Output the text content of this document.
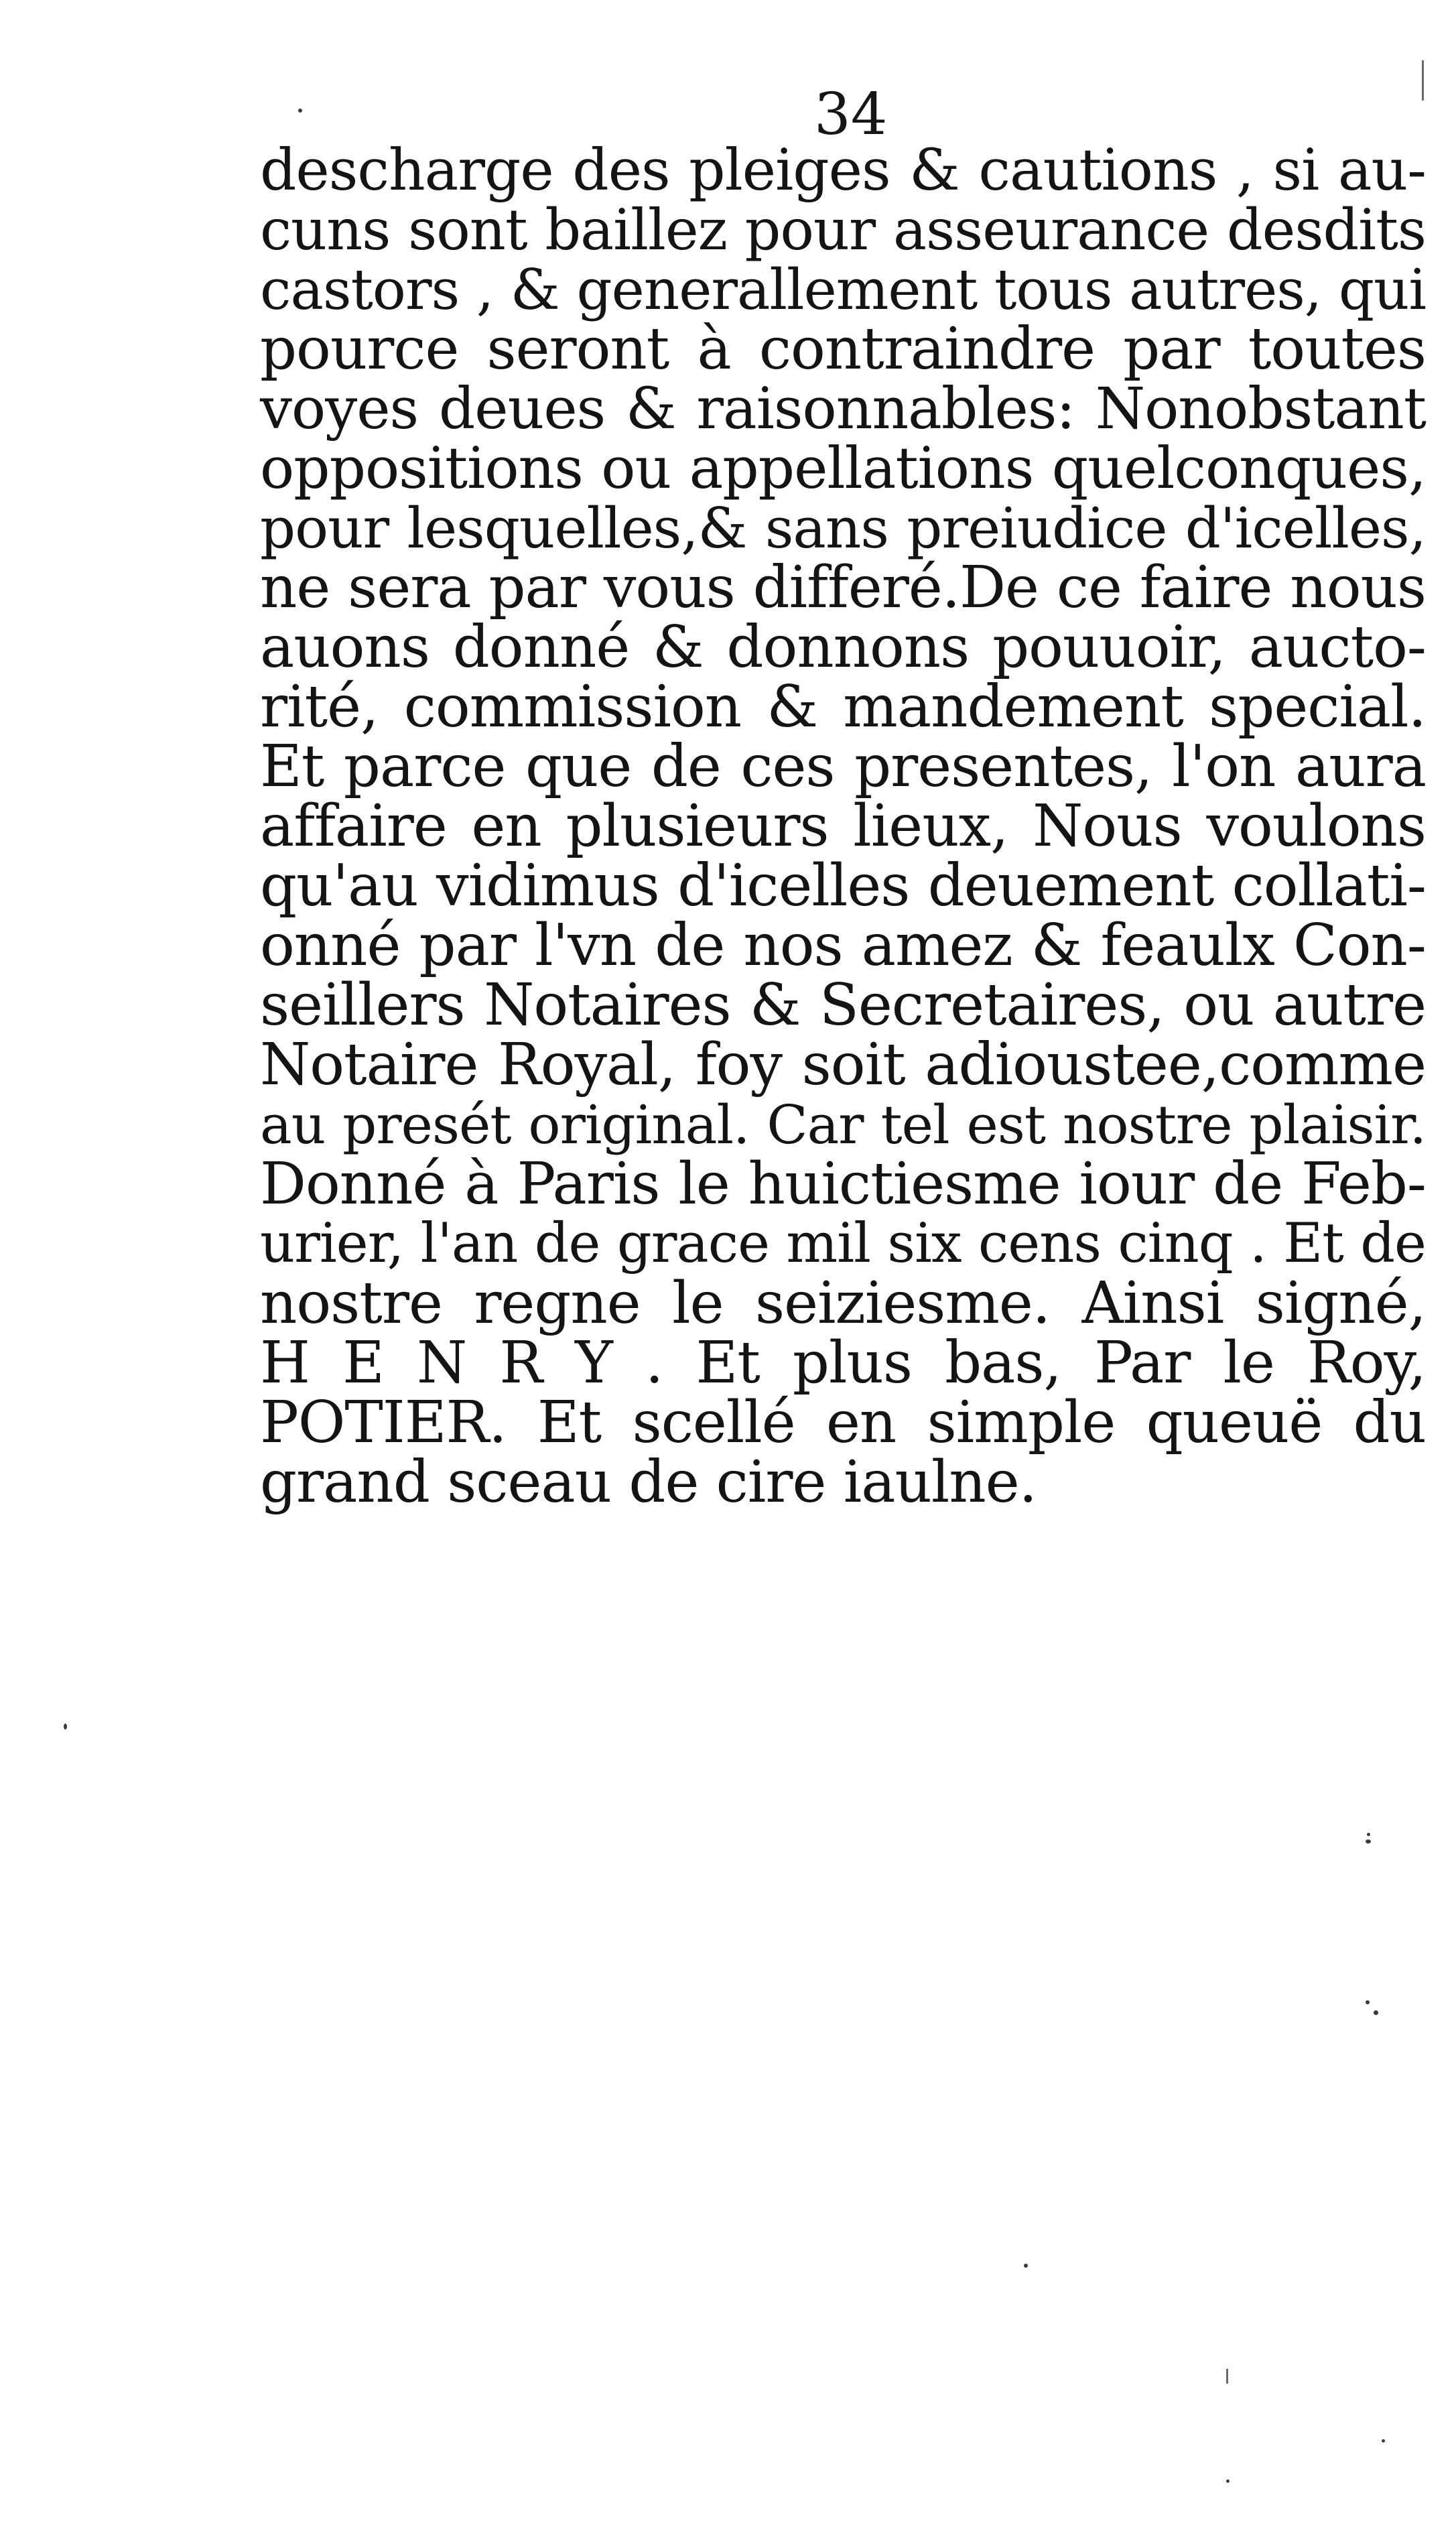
34
descharge des pleiges & cautions , si au-
cuns sont baillez pour asseurance desdits
castors , & generallement tous autres, qui
pource seront à contraindre par toutes
voyes deues & raisonnables: Nonobstant
oppositions ou appellations quelconques,
pour lesquelles,& sans preiudice d'icelles,
ne sera par vous differé.De ce faire nous
auons donné & donnons pouuoir, aucto-
rité, commission & mandement special.
Et parce que de ces presentes, l'on aura
affaire en plusieurs lieux, Nous voulons
qu'au vidimus d'icelles deuement collati-
onné par l'vn de nos amez & feaulx Con-
seillers Notaires & Secretaires, ou autre
Notaire Royal, foy soit adioustee,comme
au presét original. Car tel est nostre plaisir.
Donné à Paris le huictiesme iour de Feb-
urier, l'an de grace mil six cens cinq . Et de
nostre regne le seiziesme. Ainsi signé,
H E N R Y . Et plus bas, Par le Roy,
POTIER. Et scellé en simple queuë du
grand sceau de cire iaulne.
